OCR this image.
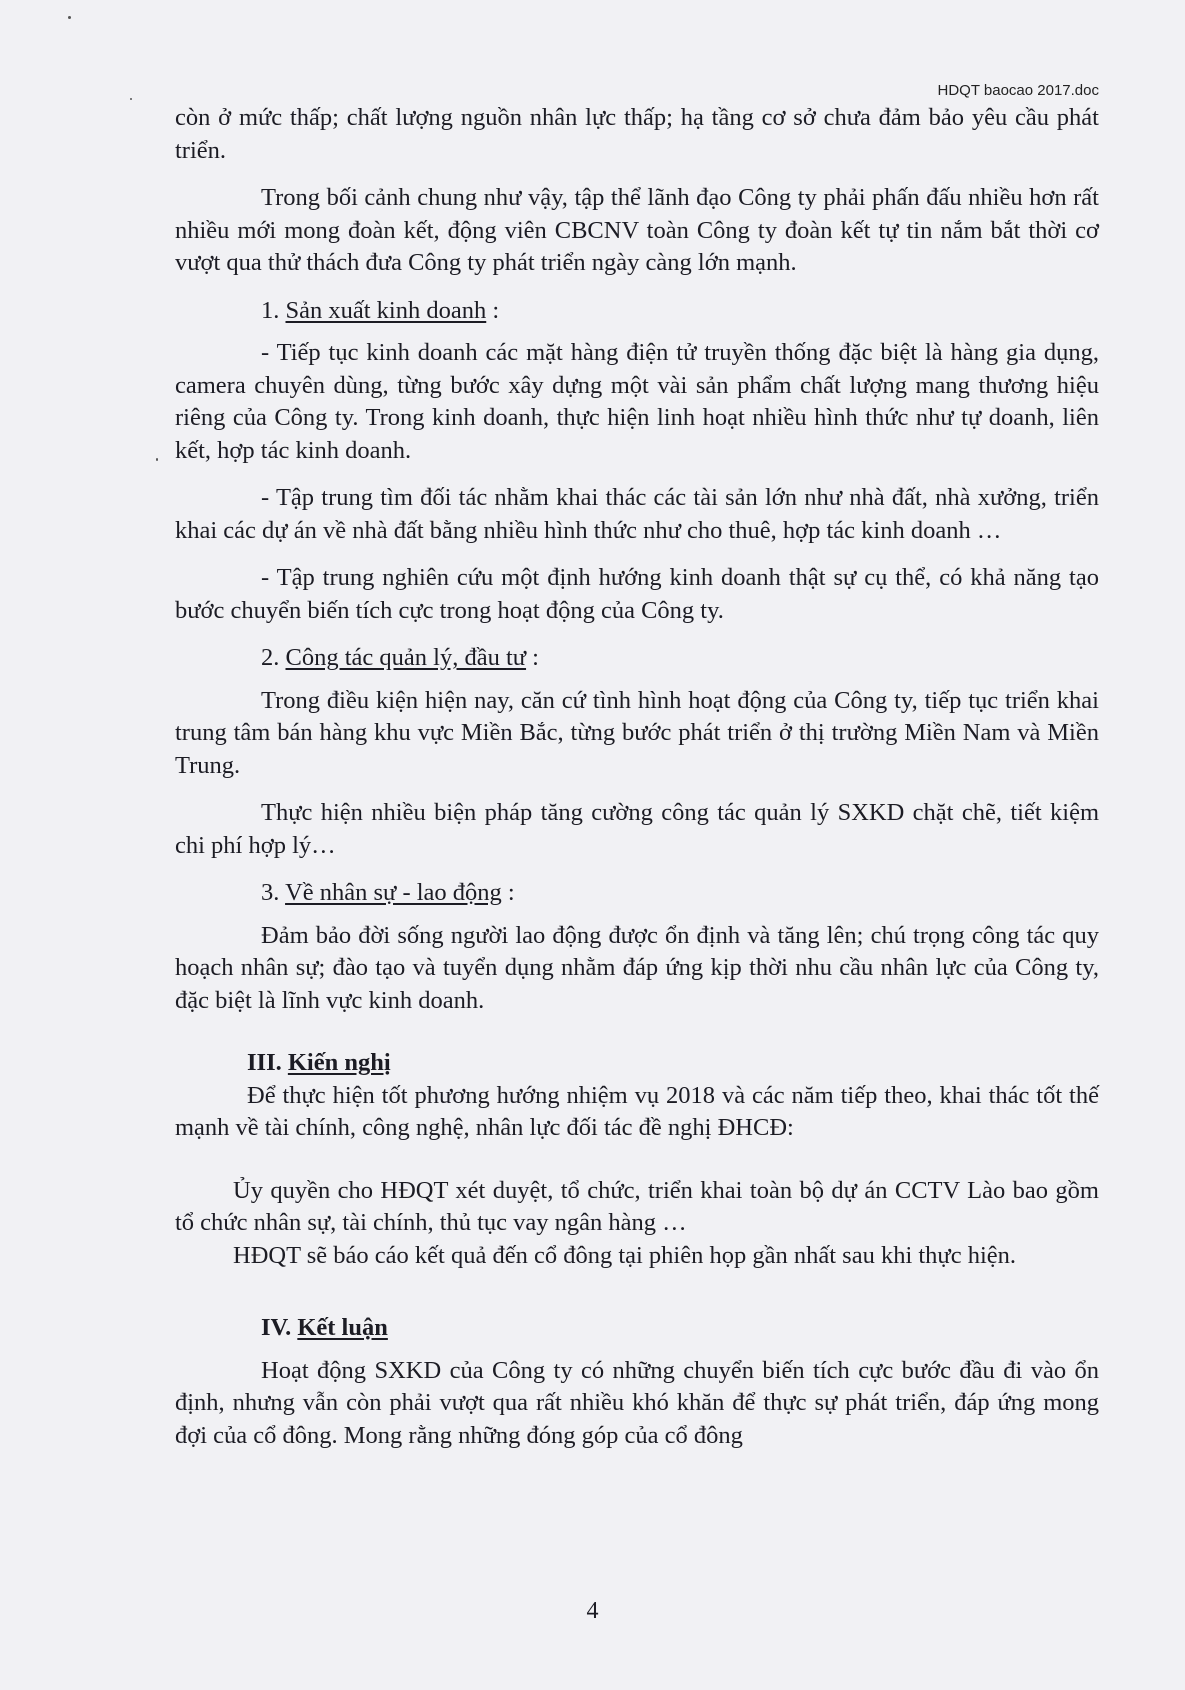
HDQT baocao 2017.doc

còn ở mức thấp; chất lượng nguồn nhân lực thấp; hạ tầng cơ sở chưa đảm bảo yêu cầu phát triển.

Trong bối cảnh chung như vậy, tập thể lãnh đạo Công ty phải phấn đấu nhiều hơn rất nhiều mới mong đoàn kết, động viên CBCNV toàn Công ty đoàn kết tự tin nắm bắt thời cơ vượt qua thử thách đưa Công ty phát triển ngày càng lớn mạnh.

1. Sản xuất kinh doanh :

- Tiếp tục kinh doanh các mặt hàng điện tử truyền thống đặc biệt là hàng gia dụng, camera chuyên dùng, từng bước xây dựng một vài sản phẩm chất lượng mang thương hiệu riêng của Công ty. Trong kinh doanh, thực hiện linh hoạt nhiều hình thức như tự doanh, liên kết, hợp tác kinh doanh.

- Tập trung tìm đối tác nhằm khai thác các tài sản lớn như nhà đất, nhà xưởng, triển khai các dự án về nhà đất bằng nhiều hình thức như cho thuê, hợp tác kinh doanh …

- Tập trung nghiên cứu một định hướng kinh doanh thật sự cụ thể, có khả năng tạo bước chuyển biến tích cực trong hoạt động của Công ty.

2. Công tác quản lý, đầu tư :

Trong điều kiện hiện nay, căn cứ tình hình hoạt động của Công ty, tiếp tục triển khai trung tâm bán hàng khu vực Miền Bắc, từng bước phát triển ở thị trường Miền Nam và Miền Trung.

Thực hiện nhiều biện pháp tăng cường công tác quản lý SXKD chặt chẽ, tiết kiệm chi phí hợp lý…

3. Về nhân sự - lao động :

Đảm bảo đời sống người lao động được ổn định và tăng lên; chú trọng công tác quy hoạch nhân sự; đào tạo và tuyển dụng nhằm đáp ứng kịp thời nhu cầu nhân lực của Công ty, đặc biệt là lĩnh vực kinh doanh.

III. Kiến nghị

Để thực hiện tốt phương hướng nhiệm vụ 2018 và các năm tiếp theo, khai thác tốt thế mạnh về tài chính, công nghệ, nhân lực đối tác đề nghị ĐHCĐ:

Ủy quyền cho HĐQT xét duyệt, tổ chức, triển khai toàn bộ dự án CCTV Lào bao gồm tổ chức nhân sự, tài chính, thủ tục vay ngân hàng …

HĐQT sẽ báo cáo kết quả đến cổ đông tại phiên họp gần nhất sau khi thực hiện.

IV. Kết luận

Hoạt động SXKD của Công ty có những chuyển biến tích cực bước đầu đi vào ổn định, nhưng vẫn còn phải vượt qua rất nhiều khó khăn để thực sự phát triển, đáp ứng mong đợi của cổ đông. Mong rằng những đóng góp của cổ đông

4
